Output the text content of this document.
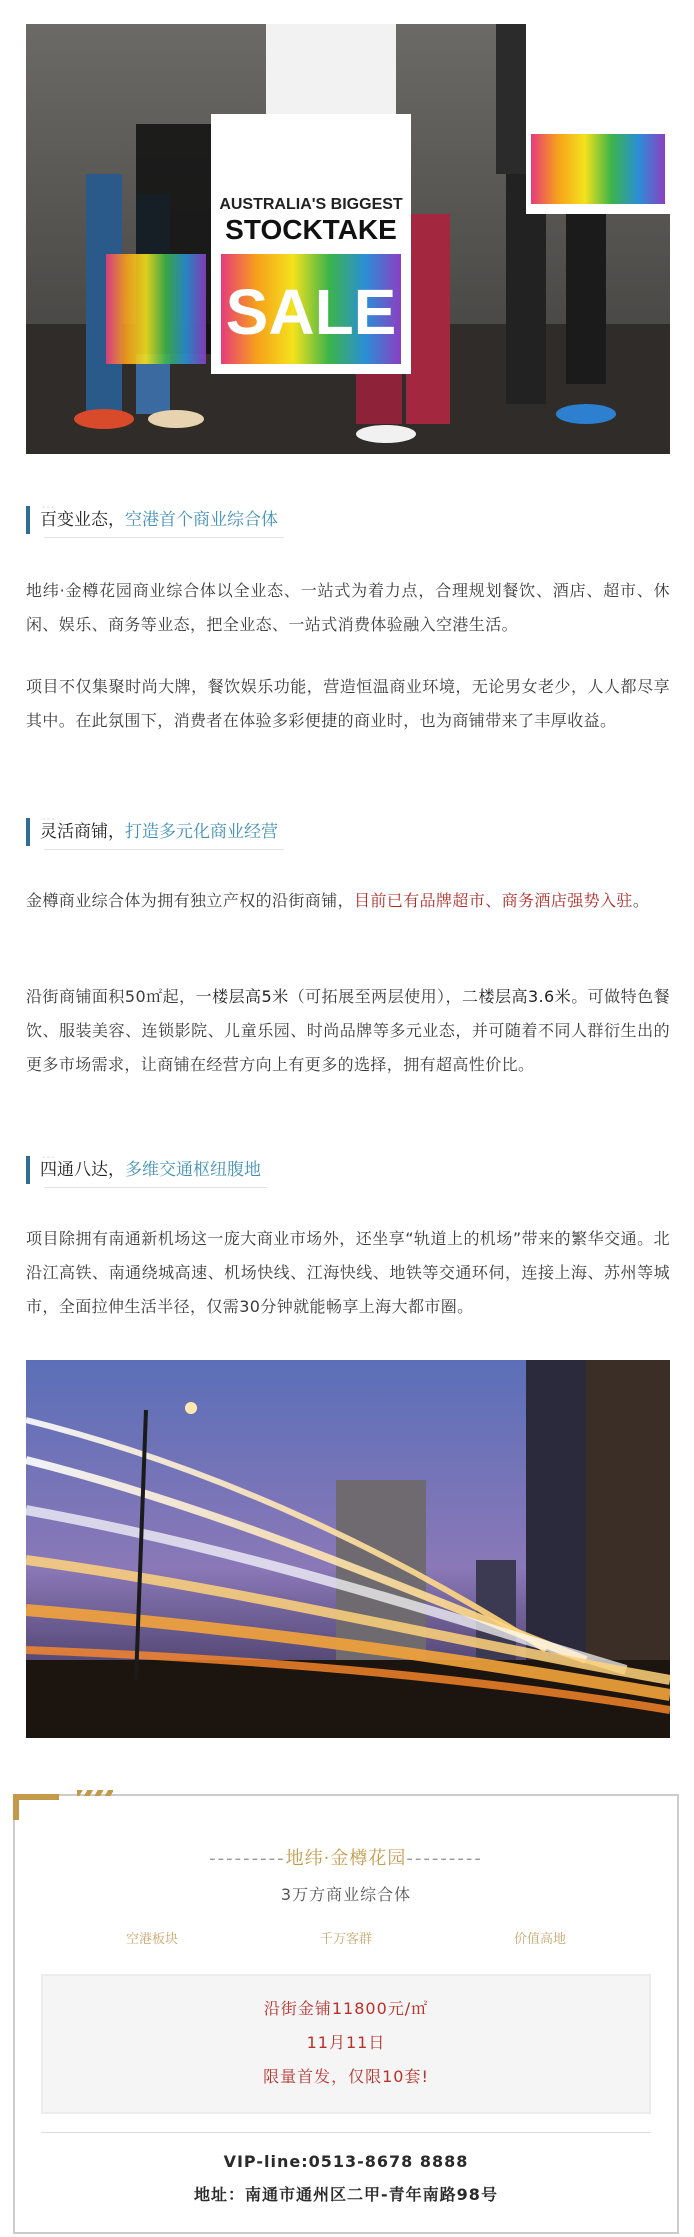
AUSTRALIA'S BIGGEST
STOCKTAKE
SALE
---
百变业态， 空港首个商业综合体
地纬·金樽花园商业综合体以全业态、一站式为着力点，合理规划餐饮、酒店、超市、休闲、娱乐、商务等业态，把全业态、一站式消费体验融入空港生活。
项目不仅集聚时尚大牌，餐饮娱乐功能，营造恒温商业环境，无论男女老少，人人都尽享其中。在此氛围下，消费者在体验多彩便捷的商业时，也为商铺带来了丰厚收益。
---
灵活商铺， 打造多元化商业经营
金樽商业综合体为拥有独立产权的沿街商铺，目前已有品牌超市、商务酒店强势入驻。
沿街商铺面积50㎡起，一楼层高5米（可拓展至两层使用），二楼层高3.6米。可做特色餐饮、服装美容、连锁影院、儿童乐园、时尚品牌等多元业态，并可随着不同人群衍生出的更多市场需求，让商铺在经营方向上有更多的选择，拥有超高性价比。
---
四通八达， 多维交通枢纽腹地
项目除拥有南通新机场这一庞大商业市场外，还坐享“轨道上的机场”带来的繁华交通。北沿江高铁、南通绕城高速、机场快线、江海快线、地铁等交通环伺，连接上海、苏州等城市，全面拉伸生活半径，仅需30分钟就能畅享上海大都市圈。
---------地纬·金樽花园---------
3万方商业综合体
空港板块	千万客群	价值高地
沿街金铺11800元/㎡
11月11日
限量首发，仅限10套!
VIP-line:0513-8678 8888
地址：南通市通州区二甲-青年南路98号
